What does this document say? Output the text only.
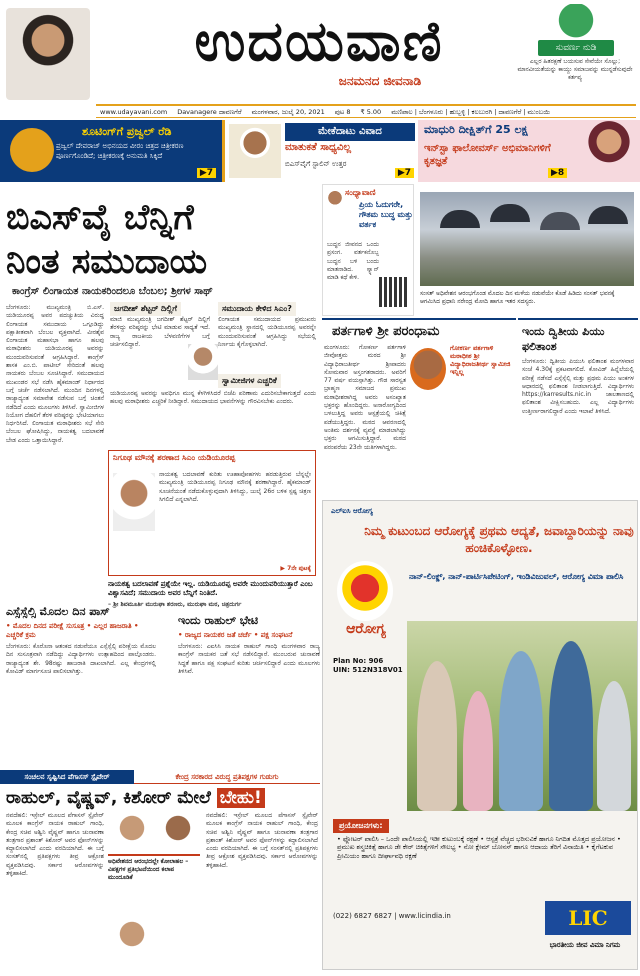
ಉದಯವಾಣಿ
ಜನಮನದ ಜೀವನಾಡಿ
ಸುವರ್ಣ ನುಡಿ
ಎಲ್ಲರ ಹಿತರಕ್ಷಣೆ ಬಯಸುವ ಸೇವೆಯೇ ಸೊಲ್ಲು; ಮಾನವೀಯತೆಯನ್ನು ಕಾಯ್ದು ಸಮಾಜವನ್ನು ಮುನ್ನಡೆಸುವುದೇ ಕರ್ತವ್ಯ
www.udayavani.com Davanagere ದಾವಣಗೆರೆ ಮಂಗಳವಾರ, ಜುಲೈ 20, 2021 ಪುಟ 8 ₹ 5.00 ಮಣಿಪಾಲ | ಬೆಂಗಳೂರು | ಹುಬ್ಬಳ್ಳಿ | ಕಲಬುರಗಿ | ದಾವಣಗೆರೆ | ಮುಂಬಯಿ
ಶೂಟಿಂಗ್‌ಗೆ ಪ್ರಜ್ವಲ್ ರೆಡಿ
ಪ್ರಜ್ವಲ್ ದೇವರಾಜ್ ಅಭಿನಯದ ವೀರಂ ಚಿತ್ರದ ಚಿತ್ರೀಕರಣ ಪೂರ್ಣಗೊಂಡಿದೆ; ಚಿತ್ರೀಕರಣಕ್ಕೆ ಅನುಮತಿ ಸಿಕ್ಕಿದೆ
▶7
ಮೇಕೆದಾಟು ವಿವಾದ
ಮಾತುಕತೆ ಸಾಧ್ಯವಿಲ್ಲ
ಬಿಎಸ್‌ವೈಗೆ ಸ್ಟಾಲಿನ್ ಉತ್ತರ
▶7
ಮಾಧುರಿ ದೀಕ್ಷಿತ್‌ಗೆ 25 ಲಕ್ಷ
ಇನ್‌ಸ್ಟಾ ಫಾಲೋವರ್ಸ್ ಅಭಿಮಾನಿಗಳಿಗೆ ಕೃತಜ್ಞತೆ
▶8
ಬಿಎಸ್‌ವೈ ಬೆನ್ನಿಗೆ
ನಿಂತ ಸಮುದಾಯ
ಕಾಂಗ್ರೆಸ್ ಲಿಂಗಾಯತ ನಾಯಕರಿಂದಲೂ ಬೆಂಬಲ; ಶ್ರೀಗಳ ಸಾಥ್
ಬೆಂಗಳೂರು: ಮುಖ್ಯಮಂತ್ರಿ ಬಿ.ಎಸ್. ಯಡಿಯೂರಪ್ಪ ಅವರ ಪದಚ್ಯುತಿಯ ವಿರುದ್ಧ ಲಿಂಗಾಯತ ಸಮುದಾಯ ಒಗ್ಗೂಡಿದ್ದು ಪಕ್ಷಾತೀತವಾಗಿ ಬೆಂಬಲ ವ್ಯಕ್ತವಾಗಿದೆ. ವೀರಶೈವ ಲಿಂಗಾಯತ ಮಹಾಸಭಾ ಹಾಗೂ ಹಲವು ಮಠಾಧೀಶರು ಯಡಿಯೂರಪ್ಪ ಅವರನ್ನು ಮುಂದುವರಿಸುವಂತೆ ಆಗ್ರಹಿಸಿದ್ದಾರೆ. ಕಾಂಗ್ರೆಸ್ ಶಾಸಕ ಎಂ.ಬಿ. ಪಾಟೀಲ್ ಸೇರಿದಂತೆ ಹಲವು ನಾಯಕರು ಬೆಂಬಲ ಸೂಚಿಸಿದ್ದಾರೆ. ಸಮುದಾಯದ ಮುಖಂಡರ ಸಭೆ ನಡೆಸಿ ಹೈಕಮಾಂಡ್ ನಿರ್ಧಾರದ ಬಗ್ಗೆ ಚರ್ಚೆ ನಡೆಸಲಾಗಿದೆ. ಮುಂದಿನ ದಿನಗಳಲ್ಲಿ ರಾಜ್ಯಾದ್ಯಂತ ಸಮಾವೇಶ ನಡೆಸುವ ಬಗ್ಗೆ ಚಿಂತನೆ ನಡೆದಿದೆ ಎಂದು ಮೂಲಗಳು ತಿಳಿಸಿವೆ. ಸ್ವಾಮೀಜಿಗಳ ನಿಯೋಗ ದೆಹಲಿಗೆ ತೆರಳಿ ವರಿಷ್ಠರನ್ನು ಭೇಟಿಯಾಗಲು ನಿರ್ಧರಿಸಿದೆ. ಲಿಂಗಾಯತ ಮಠಾಧೀಶರು ಸಭೆ ಸೇರಿ ಬೆಂಬಲ ಘೋಷಿಸಿದ್ದು, ನಾಯಕತ್ವ ಬದಲಾವಣೆ ಬೇಡ ಎಂದು ಒತ್ತಾಯಿಸಿದ್ದಾರೆ.
ಜಗದೀಶ್ ಶೆಟ್ಟರ್ ದಿಲ್ಲಿಗೆ
ಮಾಜಿ ಮುಖ್ಯಮಂತ್ರಿ ಜಗದೀಶ್ ಶೆಟ್ಟರ್ ದಿಲ್ಲಿಗೆ ತೆರಳಿದ್ದು ವರಿಷ್ಠರನ್ನು ಭೇಟಿ ಮಾಡುವ ಸಾಧ್ಯತೆ ಇದೆ. ರಾಜ್ಯ ರಾಜಕೀಯ ಬೆಳವಣಿಗೆಗಳ ಬಗ್ಗೆ ಚರ್ಚಿಸಲಿದ್ದಾರೆ.
ಸಮುದಾಯ ಕೇಳಿದ ಸಿಎಂ?
ಲಿಂಗಾಯತ ಸಮುದಾಯದ ಪ್ರಮುಖರು ಮುಖ್ಯಮಂತ್ರಿ ಸ್ಥಾನದಲ್ಲಿ ಯಡಿಯೂರಪ್ಪ ಅವರನ್ನೇ ಮುಂದುವರಿಸುವಂತೆ ಆಗ್ರಹಿಸಿದ್ದು ಸಭೆಯಲ್ಲಿ ನಿರ್ಣಯ ಕೈಗೊಳ್ಳಲಾಗಿದೆ.
ಸ್ವಾಮೀಜಿಗಳ ಎಚ್ಚರಿಕೆ
ಯಡಿಯೂರಪ್ಪ ಅವರನ್ನು ಅವಧಿಗೂ ಮುನ್ನ ಕೆಳಗಿಳಿಸಿದರೆ ಬಿಜೆಪಿ ಪರಿಣಾಮ ಎದುರಿಸಬೇಕಾಗುತ್ತದೆ ಎಂದು ಹಲವು ಮಠಾಧೀಶರು ಎಚ್ಚರಿಕೆ ನೀಡಿದ್ದಾರೆ. ಸಮುದಾಯದ ಭಾವನೆಗಳನ್ನು ಗೌರವಿಸಬೇಕು ಎಂದರು.
ನಿಗೂಢ ಮೌನಕ್ಕೆ ಶರಣಾದ ಸಿಎಂ ಯಡಿಯೂರಪ್ಪ
ನಾಯಕತ್ವ ಬದಲಾವಣೆ ಕುರಿತು ಊಹಾಪೋಹಗಳು ಹರಡುತ್ತಿರುವ ಬೆನ್ನಲ್ಲೇ ಮುಖ್ಯಮಂತ್ರಿ ಯಡಿಯೂರಪ್ಪ ನಿಗೂಢ ಮೌನಕ್ಕೆ ಶರಣಾಗಿದ್ದಾರೆ. ಹೈಕಮಾಂಡ್ ಸೂಚನೆಯಂತೆ ನಡೆದುಕೊಳ್ಳುವುದಾಗಿ ತಿಳಿಸಿದ್ದು, ಜುಲೈ 26ರ ಬಳಿಕ ಸ್ಪಷ್ಟ ಚಿತ್ರಣ ಸಿಗಲಿದೆ ಎನ್ನಲಾಗಿದೆ.
▶ 7ನೇ ಪುಟಕ್ಕೆ
ನಾಯಕತ್ವ ಬದಲಾವಣೆ ಪ್ರಶ್ನೆಯೇ ಇಲ್ಲ. ಯಡಿಯೂರಪ್ಪ ಅವರೇ ಮುಂದುವರಿಯುತ್ತಾರೆ ಎಂಬ ವಿಶ್ವಾಸವಿದೆ; ಸಮುದಾಯ ಅವರ ಬೆನ್ನಿಗೆ ನಿಂತಿದೆ.
– ಶ್ರೀ ಶಿವಮೂರ್ತಿ ಮುರುಘಾ ಶರಣರು, ಮುರುಘಾ ಮಠ, ಚಿತ್ರದುರ್ಗ
ಸಂಧ್ಯಾವಾಣಿ
ಪ್ರಿಯ ಓದುಗರೇ, ಗೌತಮ ಬುದ್ಧ ಮತ್ತು ವರ್ತಕ
ಬುದ್ಧನ ಜೀವನದ ಒಂದು ಪ್ರಸಂಗ. ವರ್ತಕನೊಬ್ಬ ಬುದ್ಧನ ಬಳಿ ಬಂದು ಮಾತನಾಡಿದ. ಸ್ಕ್ಯಾನ್ ಮಾಡಿ ಕಥೆ ಕೇಳಿ.
ಸಂಸತ್ ಅಧಿವೇಶನ ಆರಂಭಗೊಂಡ ಮೊದಲ ದಿನ ಮಳೆಯ ನಡುವೆಯೇ ಕೊಡೆ ಹಿಡಿದು ಸಂಸತ್ ಭವನಕ್ಕೆ ಆಗಮಿಸಿದ ಪ್ರಧಾನಿ ನರೇಂದ್ರ ಮೋದಿ ಹಾಗೂ ಇತರ ಸದಸ್ಯರು.
ಪರ್ತಗಾಳಿ ಶ್ರೀ ಪರಂಧಾಮ
ಗೋಕರ್ಣ ಪರ್ತಗಾಳಿ ಮಠಾಧೀಶ ಶ್ರೀ ವಿದ್ಯಾಧಿರಾಜತೀರ್ಥ ಸ್ವಾಮೀಜಿ ಇನ್ನಿಲ್ಲ
ಮಂಗಳೂರು: ಗೋಕರ್ಣ ಪರ್ತಗಾಳಿ ಜೀವೋತ್ತಮ ಮಠದ ಶ್ರೀ ವಿದ್ಯಾಧಿರಾಜತೀರ್ಥ ಶ್ರೀಪಾದರು ಸೋಮವಾರ ಅಸ್ತಂಗತರಾದರು. ಅವರಿಗೆ 77 ವರ್ಷ ವಯಸ್ಸಾಗಿತ್ತು. ಗೌಡ ಸಾರಸ್ವತ ಬ್ರಾಹ್ಮಣ ಸಮಾಜದ ಪ್ರಮುಖ ಮಠಾಧೀಶರಾಗಿದ್ದ ಅವರು ಅಸಂಖ್ಯಾತ ಭಕ್ತರನ್ನು ಹೊಂದಿದ್ದರು. ಅನಾರೋಗ್ಯದಿಂದ ಬಳಲುತ್ತಿದ್ದ ಅವರು ಆಸ್ಪತ್ರೆಯಲ್ಲಿ ಚಿಕಿತ್ಸೆ ಪಡೆಯುತ್ತಿದ್ದರು. ಮಠದ ಆವರಣದಲ್ಲಿ ಅಂತಿಮ ದರ್ಶನಕ್ಕೆ ವ್ಯವಸ್ಥೆ ಮಾಡಲಾಗಿದ್ದು ಭಕ್ತರು ಆಗಮಿಸುತ್ತಿದ್ದಾರೆ. ಮಠದ ಪರಂಪರೆಯ 23ನೇ ಯತಿಗಳಾಗಿದ್ದರು.
ಇಂದು ದ್ವಿತೀಯ ಪಿಯು ಫಲಿತಾಂಶ
ಬೆಂಗಳೂರು: ದ್ವಿತೀಯ ಪಿಯುಸಿ ಫಲಿತಾಂಶ ಮಂಗಳವಾರ ಸಂಜೆ 4.30ಕ್ಕೆ ಪ್ರಕಟವಾಗಲಿದೆ. ಕೋವಿಡ್ ಹಿನ್ನೆಲೆಯಲ್ಲಿ ಪರೀಕ್ಷೆ ನಡೆಸದೆ ಎಸ್ಸೆಸ್ಸೆಲ್ಸಿ ಮತ್ತು ಪ್ರಥಮ ಪಿಯು ಅಂಕಗಳ ಆಧಾರದಲ್ಲಿ ಫಲಿತಾಂಶ ನೀಡಲಾಗುತ್ತಿದೆ. ವಿದ್ಯಾರ್ಥಿಗಳು https://karresults.nic.in ಜಾಲತಾಣದಲ್ಲಿ ಫಲಿತಾಂಶ ವೀಕ್ಷಿಸಬಹುದು. ಎಲ್ಲ ವಿದ್ಯಾರ್ಥಿಗಳು ಉತ್ತೀರ್ಣರಾಗಲಿದ್ದಾರೆ ಎಂದು ಇಲಾಖೆ ತಿಳಿಸಿದೆ.
ಎಲ್ಐಸಿ ಆರೋಗ್ಯ
ನಿಮ್ಮ ಕುಟುಂಬದ ಆರೋಗ್ಯಕ್ಕೆ ಪ್ರಥಮ ಆದ್ಯತೆ, ಜವಾಬ್ದಾರಿಯನ್ನು ನಾವು ಹಂಚಿಕೊಳ್ಳೋಣ.
ಆರೋಗ್ಯ
ನಾನ್-ಲಿಂಕ್ಡ್, ನಾನ್-ಪಾರ್ಟಿಸಿಪೇಟಿಂಗ್, ಇಂಡಿವಿಜುವಲ್, ಆರೋಗ್ಯ ವಿಮಾ ಪಾಲಿಸಿ
Plan No: 906
UIN: 512N318V01
ಪ್ರಯೋಜನಗಳು:
• ಫ್ಲೋಟರ್ ಪಾಲಿಸಿ – ಒಂದೇ ಪಾಲಿಸಿಯಲ್ಲಿ ಇಡೀ ಕುಟುಂಬಕ್ಕೆ ರಕ್ಷಣೆ • ಆಸ್ಪತ್ರೆ ವೆಚ್ಚದ ಭರಿಸುವಿಕೆ ಹಾಗೂ ನಿಗದಿತ ಮೊತ್ತದ ಪ್ರಯೋಜನ • ಪ್ರಮುಖ ಶಸ್ತ್ರಚಿಕಿತ್ಸೆ ಹಾಗೂ ಡೇ ಕೇರ್ ಚಿಕಿತ್ಸೆಗಳಿಗೆ ಸೌಲಭ್ಯ • ನೋ ಕ್ಲೇಮ್ ಬೋನಸ್ ಹಾಗೂ ಆದಾಯ ತೆರಿಗೆ ವಿನಾಯಿತಿ • ಕೈಗೆಟಕುವ ಪ್ರೀಮಿಯಂ ಹಾಗೂ ದೀರ್ಘಾವಧಿ ರಕ್ಷಣೆ
(022) 6827 6827 | www.licindia.in	LIC
ಭಾರತೀಯ ಜೀವ ವಿಮಾ ನಿಗಮ
ಎಸ್ಸೆಸ್ಸೆಲ್ಸಿ ಮೊದಲ ದಿನ ಪಾಸ್
• ಮೊದಲ ದಿನದ ಪರೀಕ್ಷೆ ಸುಸೂತ್ರ • ಎಲ್ಲರ ಹಾಜರಾತಿ • ಎಚ್ಚರಿಕೆ ಕ್ರಮ
ಬೆಂಗಳೂರು: ಕೊರೊನಾ ಆತಂಕದ ನಡುವೆಯೂ ಎಸ್ಸೆಸ್ಸೆಲ್ಸಿ ಪರೀಕ್ಷೆಯ ಮೊದಲ ದಿನ ಸುಸೂತ್ರವಾಗಿ ನಡೆದಿದ್ದು ವಿದ್ಯಾರ್ಥಿಗಳು ಉತ್ಸಾಹದಿಂದ ಪಾಲ್ಗೊಂಡರು. ರಾಜ್ಯಾದ್ಯಂತ ಶೇ. 98ರಷ್ಟು ಹಾಜರಾತಿ ದಾಖಲಾಗಿದೆ. ಎಲ್ಲ ಕೇಂದ್ರಗಳಲ್ಲಿ ಕೋವಿಡ್ ಮಾರ್ಗಸೂಚಿ ಪಾಲಿಸಲಾಗಿತ್ತು.
ಇಂದು ರಾಹುಲ್ ಭೇಟಿ
• ರಾಜ್ಯದ ನಾಯಕರ ಜತೆ ಚರ್ಚೆ • ಪಕ್ಷ ಸಂಘಟನೆ
ಬೆಂಗಳೂರು: ಎಐಸಿಸಿ ನಾಯಕ ರಾಹುಲ್ ಗಾಂಧಿ ಮಂಗಳವಾರ ರಾಜ್ಯ ಕಾಂಗ್ರೆಸ್ ನಾಯಕರ ಜತೆ ಸಭೆ ನಡೆಸಲಿದ್ದಾರೆ. ಮುಂಬರುವ ಚುನಾವಣೆ ಸಿದ್ಧತೆ ಹಾಗೂ ಪಕ್ಷ ಸಂಘಟನೆ ಕುರಿತು ಚರ್ಚಿಸಲಿದ್ದಾರೆ ಎಂದು ಮೂಲಗಳು ತಿಳಿಸಿವೆ.
ಸಂಚಲನ ಸೃಷ್ಟಿಸಿದ ಪೆಗಾಸಸ್ ಸ್ಪೈವೇರ್	ಕೇಂದ್ರ ಸರಕಾರದ ವಿರುದ್ಧ ಪ್ರತಿಪಕ್ಷಗಳ ಗುಡುಗು
ರಾಹುಲ್, ವೈಷ್ಣವ್, ಕಿಶೋರ್ ಮೇಲೆ ಬೇಹು!
ನವದೆಹಲಿ: ಇಸ್ರೇಲ್ ಮೂಲದ ಪೆಗಾಸಸ್ ಸ್ಪೈವೇರ್ ಮೂಲಕ ಕಾಂಗ್ರೆಸ್ ನಾಯಕ ರಾಹುಲ್ ಗಾಂಧಿ, ಕೇಂದ್ರ ಸಚಿವ ಅಶ್ವಿನಿ ವೈಷ್ಣವ್ ಹಾಗೂ ಚುನಾವಣಾ ತಂತ್ರಗಾರ ಪ್ರಶಾಂತ್ ಕಿಶೋರ್ ಅವರ ಫೋನ್‌ಗಳನ್ನು ಕದ್ದಾಲಿಸಲಾಗಿದೆ ಎಂದು ವರದಿಯಾಗಿದೆ. ಈ ಬಗ್ಗೆ ಸಂಸತ್‌ನಲ್ಲಿ ಪ್ರತಿಪಕ್ಷಗಳು ತೀವ್ರ ಆಕ್ರೋಶ ವ್ಯಕ್ತಪಡಿಸಿದವು. ಸರ್ಕಾರ ಆರೋಪಗಳನ್ನು ತಳ್ಳಿಹಾಕಿದೆ.
ಅಧಿವೇಶನದ ಆರಂಭದಲ್ಲೇ ಕೋಲಾಹಲ – ವಿಪಕ್ಷಗಳ ಪ್ರತಿಭಟನೆಯಿಂದ ಕಲಾಪ ಮುಂದೂಡಿಕೆ
ನವದೆಹಲಿ: ಇಸ್ರೇಲ್ ಮೂಲದ ಪೆಗಾಸಸ್ ಸ್ಪೈವೇರ್ ಮೂಲಕ ಕಾಂಗ್ರೆಸ್ ನಾಯಕ ರಾಹುಲ್ ಗಾಂಧಿ, ಕೇಂದ್ರ ಸಚಿವ ಅಶ್ವಿನಿ ವೈಷ್ಣವ್ ಹಾಗೂ ಚುನಾವಣಾ ತಂತ್ರಗಾರ ಪ್ರಶಾಂತ್ ಕಿಶೋರ್ ಅವರ ಫೋನ್‌ಗಳನ್ನು ಕದ್ದಾಲಿಸಲಾಗಿದೆ ಎಂದು ವರದಿಯಾಗಿದೆ. ಈ ಬಗ್ಗೆ ಸಂಸತ್‌ನಲ್ಲಿ ಪ್ರತಿಪಕ್ಷಗಳು ತೀವ್ರ ಆಕ್ರೋಶ ವ್ಯಕ್ತಪಡಿಸಿದವು. ಸರ್ಕಾರ ಆರೋಪಗಳನ್ನು ತಳ್ಳಿಹಾಕಿದೆ.
